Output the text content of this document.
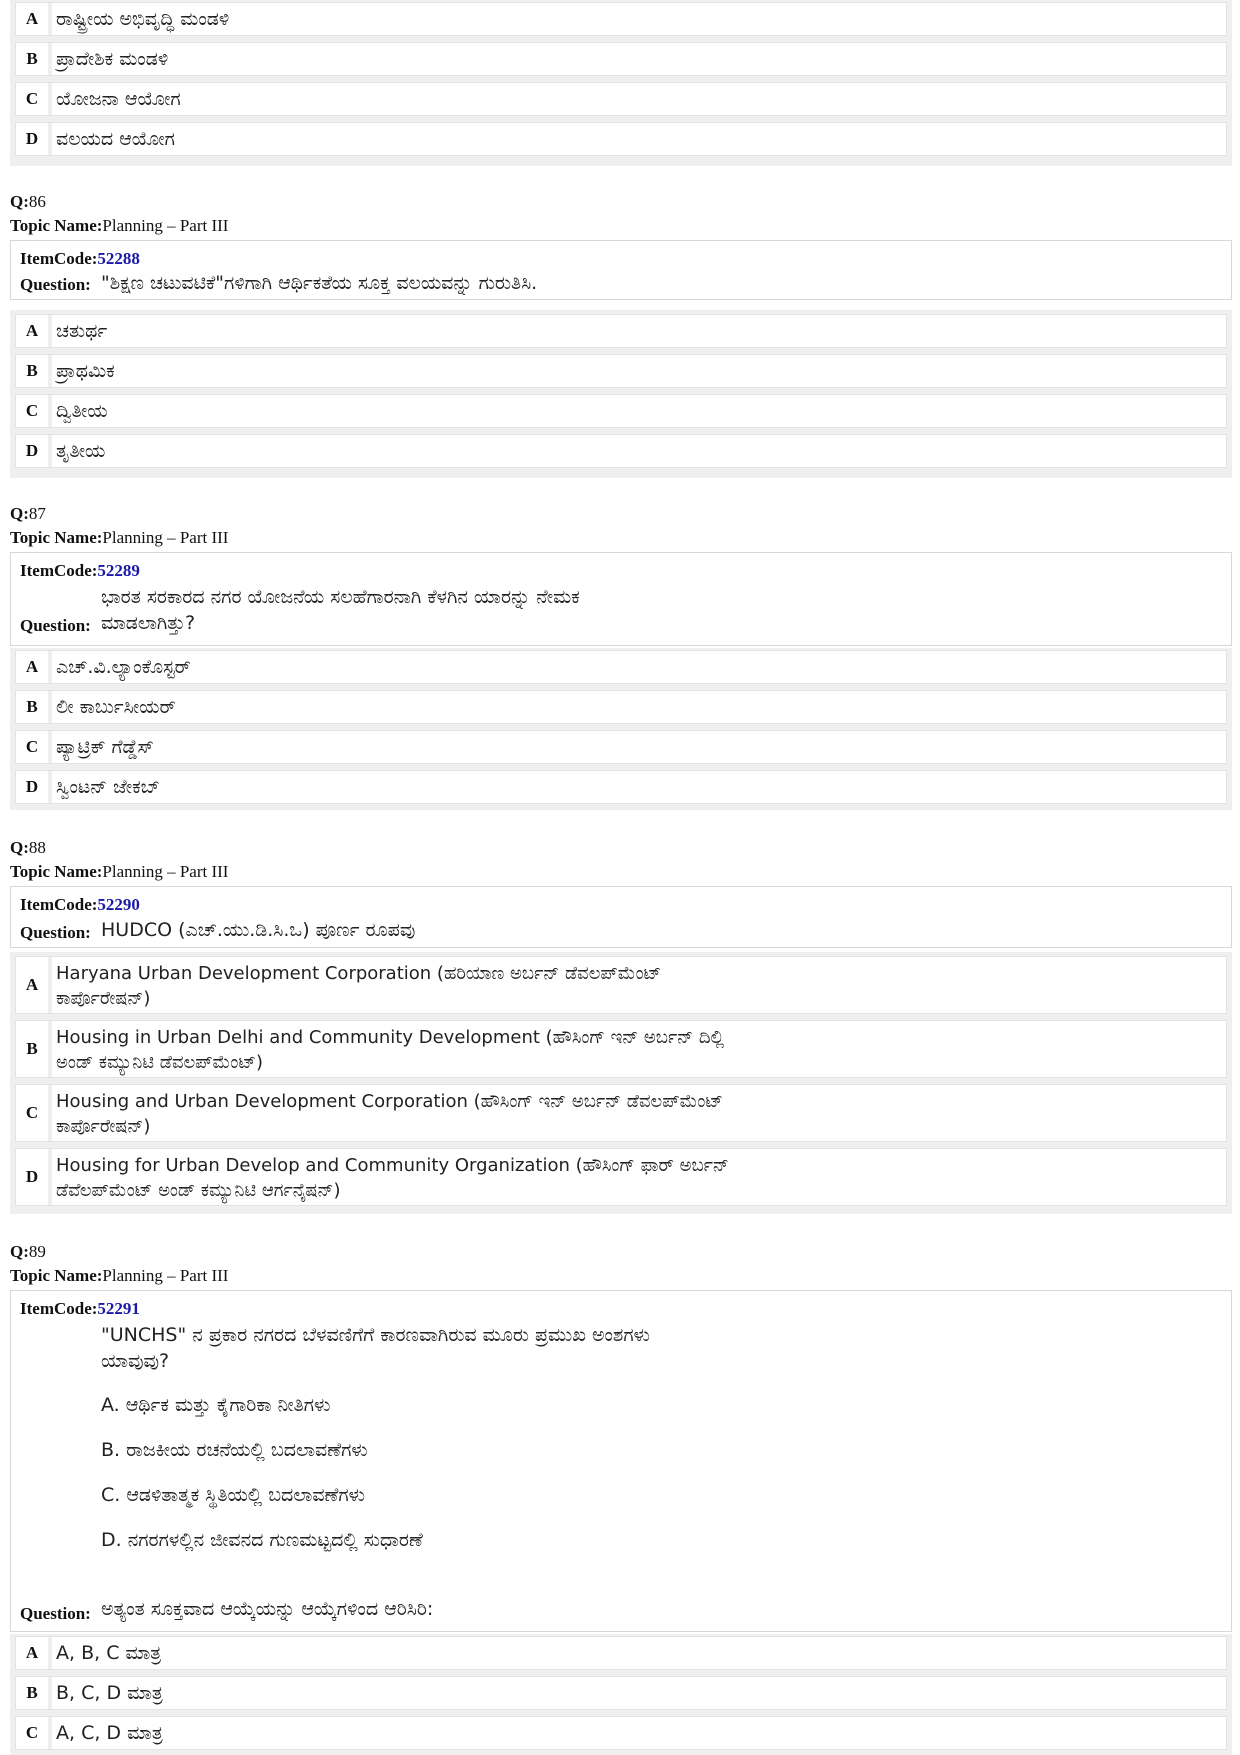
A ರಾಷ್ಟ್ರೀಯ ಅಭಿವೃದ್ಧಿ ಮಂಡಳಿ
B ಪ್ರಾದೇಶಿಕ ಮಂಡಳಿ
C ಯೋಜನಾ ಆಯೋಗ
D ವಲಯದ ಆಯೋಗ
Q:86
Topic Name:Planning – Part III
ItemCode:52288
Question: "ಶಿಕ್ಷಣ ಚಟುವಟಿಕೆ"ಗಳಿಗಾಗಿ ಆರ್ಥಿಕತೆಯ ಸೂಕ್ತ ವಲಯವನ್ನು ಗುರುತಿಸಿ.
A ಚತುರ್ಥ
B ಪ್ರಾಥಮಿಕ
C ದ್ವಿತೀಯ
D ತೃತೀಯ
Q:87
Topic Name:Planning – Part III
ItemCode:52289
ಭಾರತ ಸರಕಾರದ ನಗರ ಯೋಜನೆಯ ಸಲಹೆಗಾರನಾಗಿ ಕೆಳಗಿನ ಯಾರನ್ನು ನೇಮಕ
Question: ಮಾಡಲಾಗಿತ್ತು?
A ಎಚ್.ವಿ.ಲ್ಯಾಂಕೊಸ್ಟರ್
B ಲೀ ಕಾರ್ಬುಸೀಯರ್
C ಪ್ಯಾಟ್ರಿಕ್ ಗೆಡ್ಡೆಸ್
D ಸ್ವಿಂಟನ್ ಜೇಕಬ್
Q:88
Topic Name:Planning – Part III
ItemCode:52290
Question: HUDCO (ಎಚ್.ಯು.ಡಿ.ಸಿ.ಒ) ಪೂರ್ಣ ರೂಪವು
A
Haryana Urban Development Corporation (ಹರಿಯಾಣ ಅರ್ಬನ್ ಡೆವಲಪ್‌ಮೆಂಟ್
ಕಾರ್ಪೊರೇಷನ್)
B
Housing in Urban Delhi and Community Development (ಹೌಸಿಂಗ್ ಇನ್ ಅರ್ಬನ್ ದಿಲ್ಲಿ
ಅಂಡ್ ಕಮ್ಯುನಿಟಿ ಡೆವಲಪ್‌ಮೆಂಟ್)
C
Housing and Urban Development Corporation (ಹೌಸಿಂಗ್ ಇನ್ ಅರ್ಬನ್ ಡೆವಲಪ್‌ಮೆಂಟ್
ಕಾರ್ಪೊರೇಷನ್)
D
Housing for Urban Develop and Community Organization (ಹೌಸಿಂಗ್ ಫಾರ್ ಅರ್ಬನ್
ಡೆವೆಲಪ್‌ಮೆಂಟ್ ಅಂಡ್ ಕಮ್ಯುನಿಟಿ ಆರ್ಗನೈಷನ್)
Q:89
Topic Name:Planning – Part III
ItemCode:52291
"UNCHS" ನ ಪ್ರಕಾರ ನಗರದ ಬೆಳವಣಿಗೆಗೆ ಕಾರಣವಾಗಿರುವ ಮೂರು ಪ್ರಮುಖ ಅಂಶಗಳು
ಯಾವುವು?
A. ಆರ್ಥಿಕ ಮತ್ತು ಕೈಗಾರಿಕಾ ನೀತಿಗಳು
B. ರಾಜಕೀಯ ರಚನೆಯಲ್ಲಿ ಬದಲಾವಣೆಗಳು
C. ಆಡಳಿತಾತ್ಮಕ ಸ್ಥಿತಿಯಲ್ಲಿ ಬದಲಾವಣೆಗಳು
D. ನಗರಗಳಲ್ಲಿನ ಜೀವನದ ಗುಣಮಟ್ಟದಲ್ಲಿ ಸುಧಾರಣೆ
Question: ಅತ್ಯಂತ ಸೂಕ್ತವಾದ ಆಯ್ಕೆಯನ್ನು ಆಯ್ಕೆಗಳಿಂದ ಆರಿಸಿರಿ:
A A, B, C ಮಾತ್ರ
B B, C, D ಮಾತ್ರ
C A, C, D ಮಾತ್ರ
